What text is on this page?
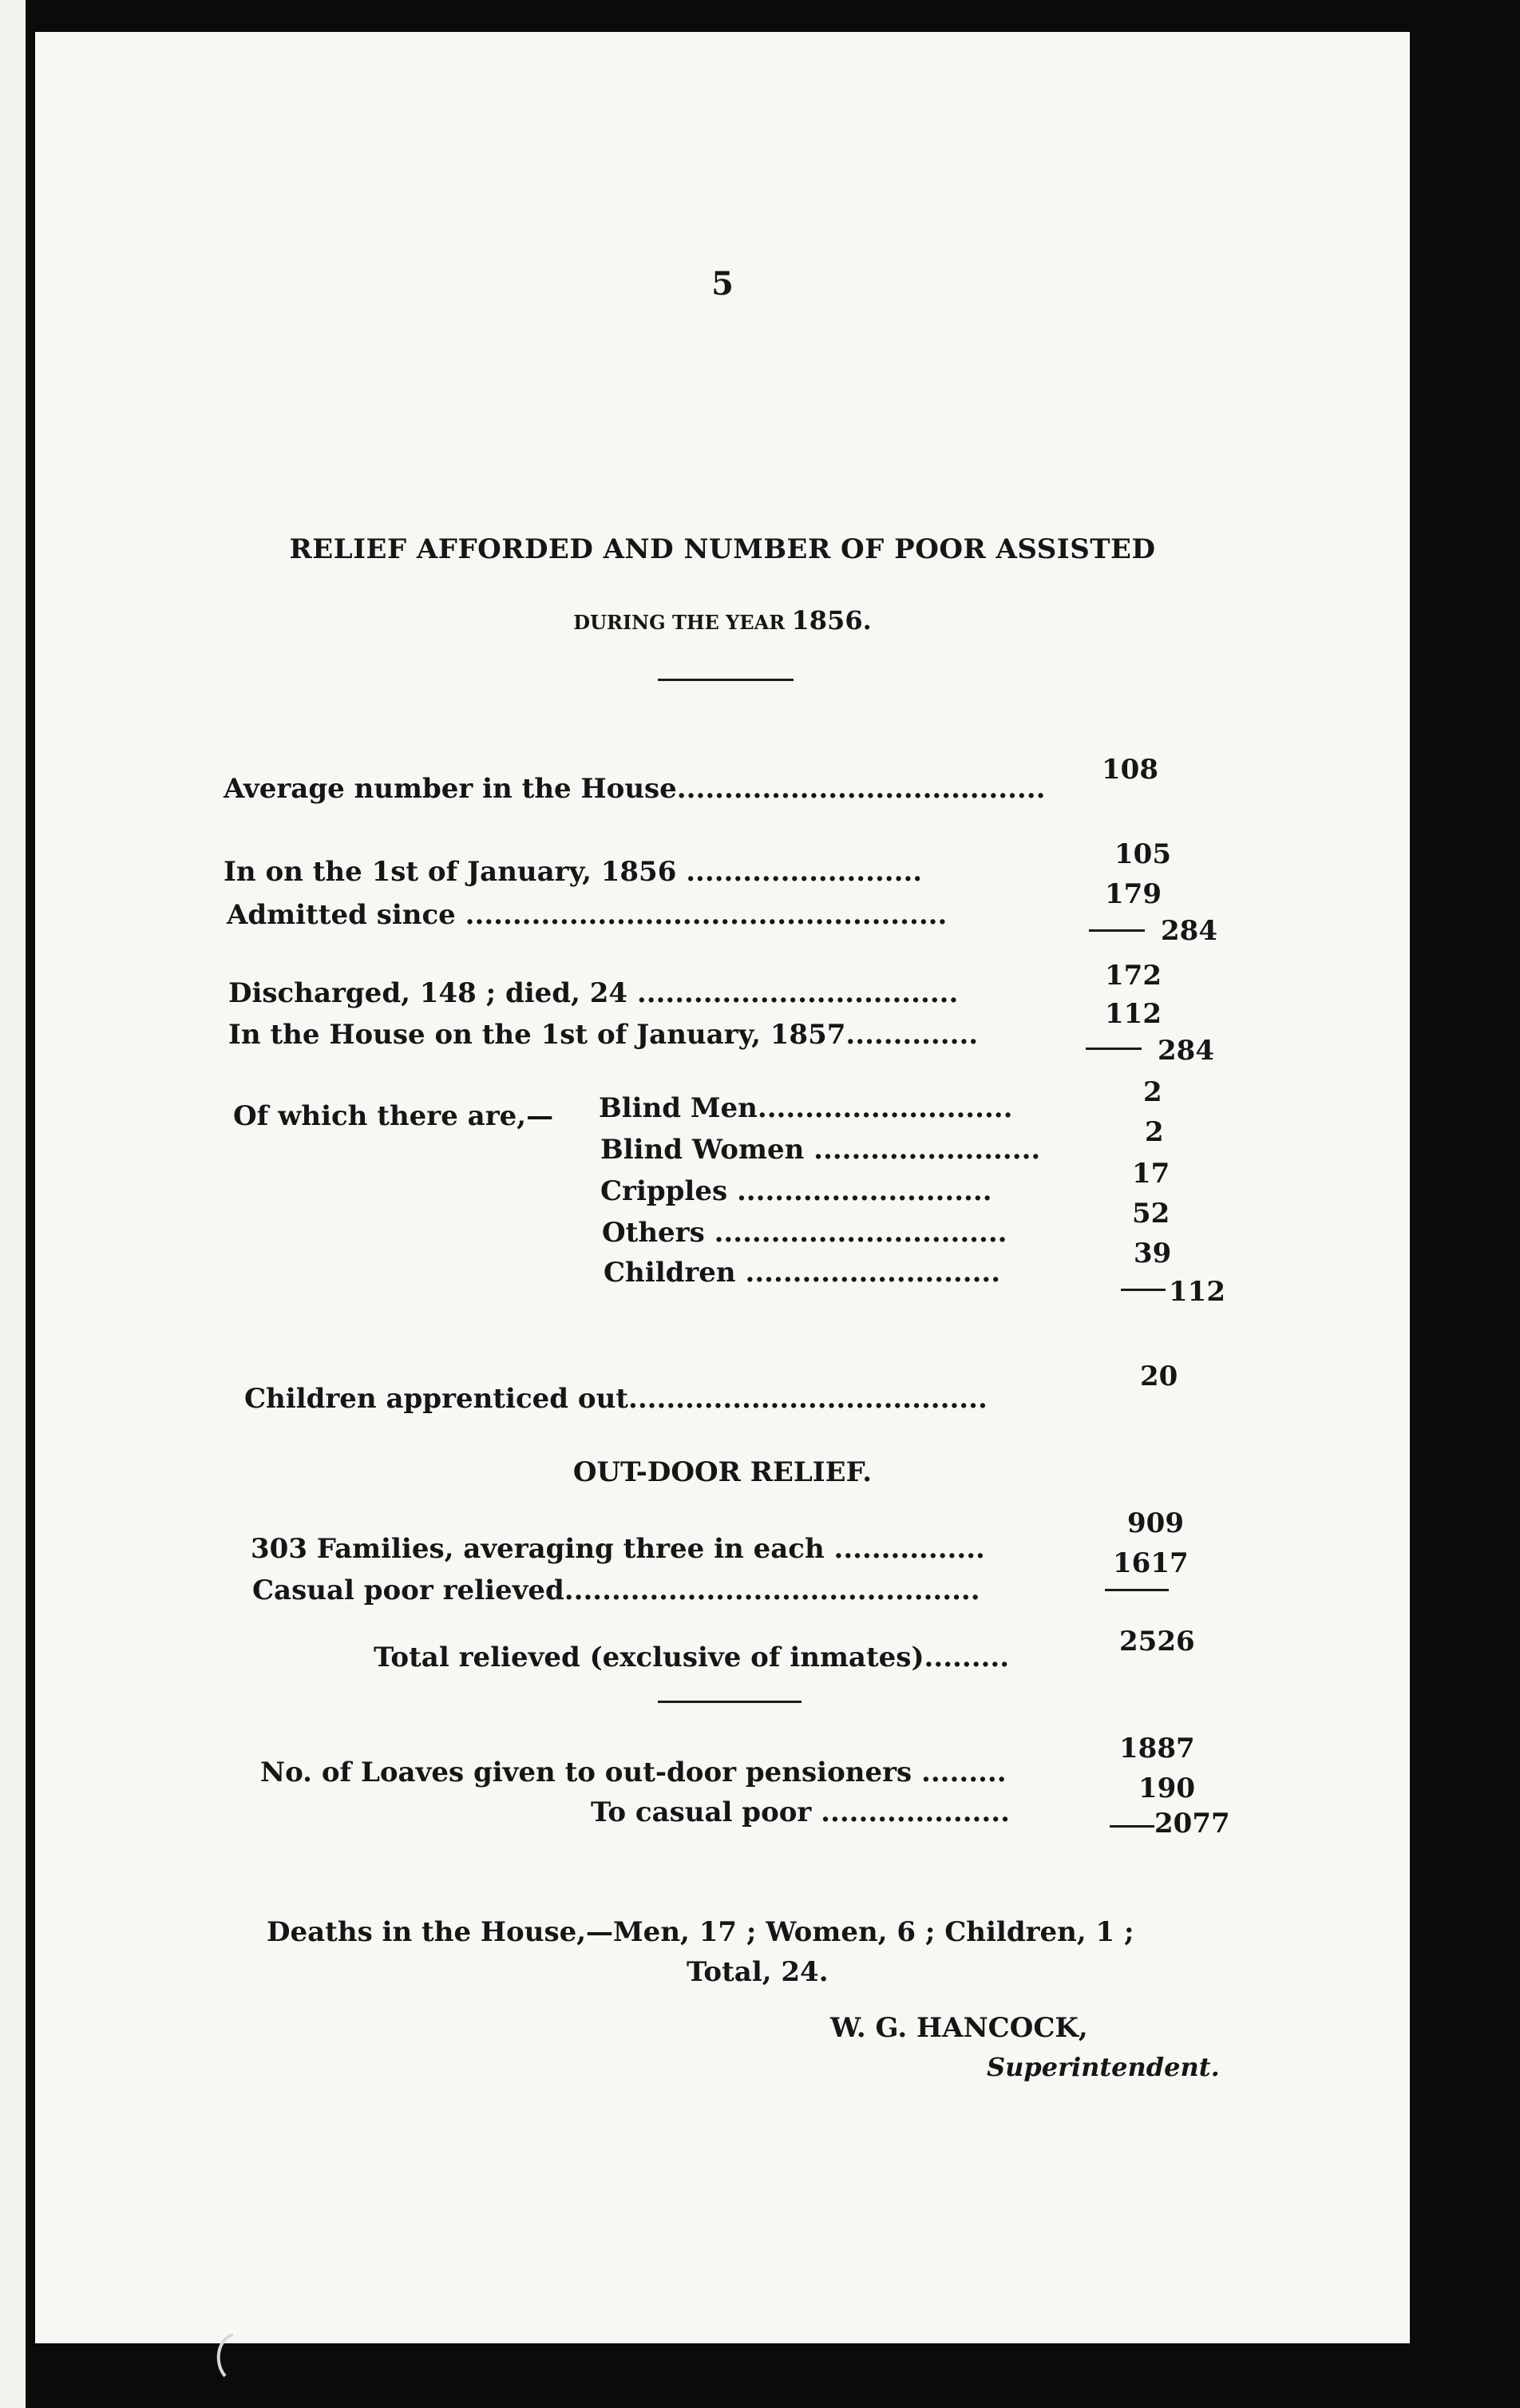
5
RELIEF AFFORDED AND NUMBER OF POOR ASSISTED
DURING THE YEAR 1856.
Average number in the House.......................................
108
In on the 1st of January, 1856 .........................
105
Admitted since ...................................................
179
284
Discharged, 148 ; died, 24 ..................................
172
In the House on the 1st of January, 1857..............
112
284
Of which there are,— Blind Men...........................	2
Blind Women ........................
2
Cripples ...........................
17
Others ...............................
52
Children ...........................
39
112
Children apprenticed out......................................
20
OUT-DOOR RELIEF.
303 Families, averaging three in each ................
909
Casual poor relieved............................................
1617
Total relieved (exclusive of inmates).........	2526
No. of Loaves given to out-door pensioners .........
1887
To casual poor ....................
190
2077
Deaths in the House,—Men, 17 ; Women, 6 ; Children, 1 ;
Total, 24.
W. G. HANCOCK,
Superintendent.
